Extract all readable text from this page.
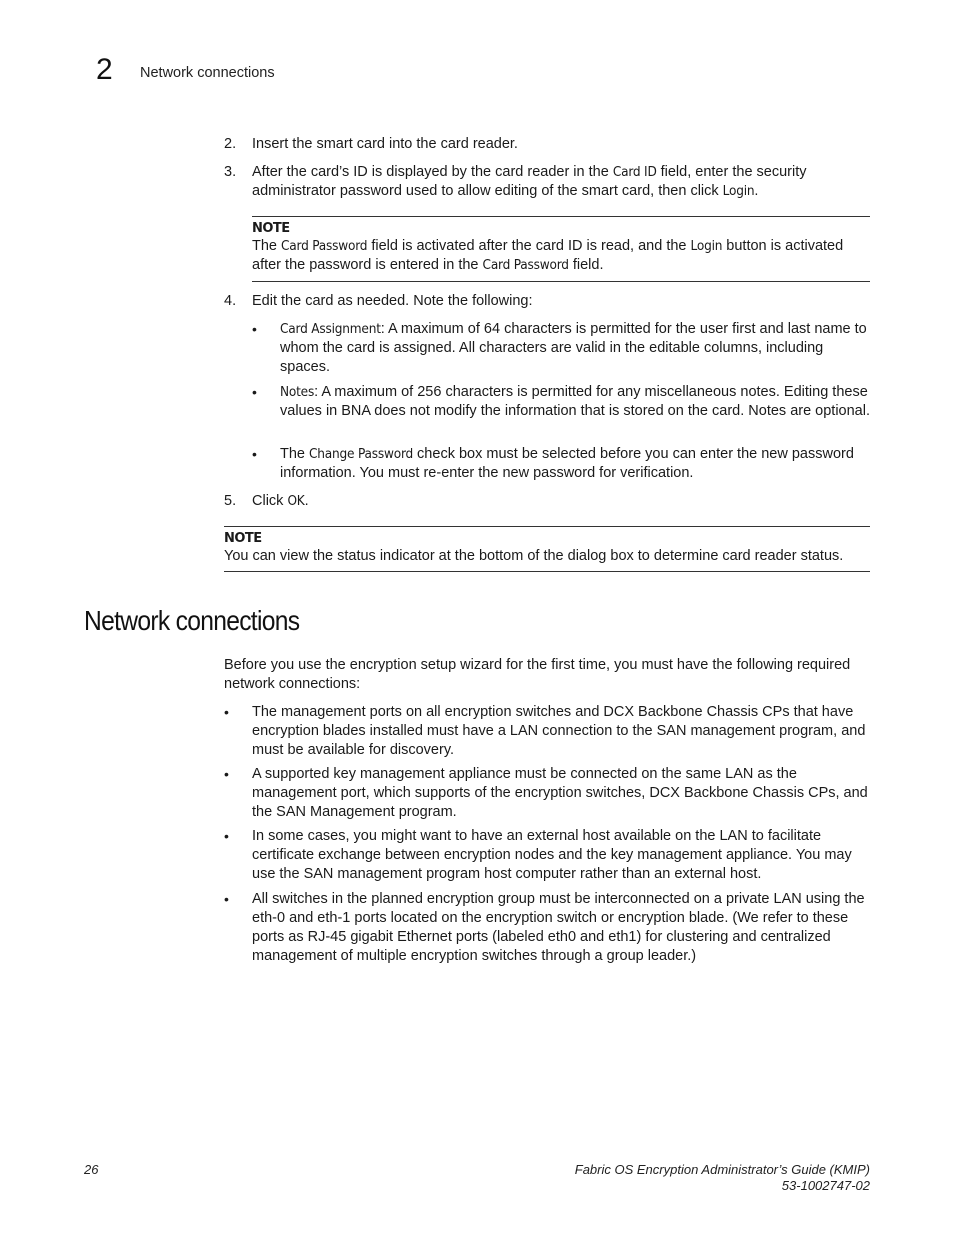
2 Network connections
2. Insert the smart card into the card reader.
3. After the card’s ID is displayed by the card reader in the Card ID field, enter the security administrator password used to allow editing of the smart card, then click Login.
NOTE
The Card Password field is activated after the card ID is read, and the Login button is activated after the password is entered in the Card Password field.
4. Edit the card as needed. Note the following:
• Card Assignment: A maximum of 64 characters is permitted for the user first and last name to whom the card is assigned. All characters are valid in the editable columns, including spaces.
• Notes: A maximum of 256 characters is permitted for any miscellaneous notes. Editing these values in BNA does not modify the information that is stored on the card. Notes are optional.
• The Change Password check box must be selected before you can enter the new password information. You must re-enter the new password for verification.
5. Click OK.
NOTE
You can view the status indicator at the bottom of the dialog box to determine card reader status.
Network connections
Before you use the encryption setup wizard for the first time, you must have the following required network connections:
• The management ports on all encryption switches and DCX Backbone Chassis CPs that have encryption blades installed must have a LAN connection to the SAN management program, and must be available for discovery.
• A supported key management appliance must be connected on the same LAN as the management port, which supports of the encryption switches, DCX Backbone Chassis CPs, and the SAN Management program.
• In some cases, you might want to have an external host available on the LAN to facilitate certificate exchange between encryption nodes and the key management appliance. You may use the SAN management program host computer rather than an external host.
• All switches in the planned encryption group must be interconnected on a private LAN using the eth-0 and eth-1 ports located on the encryption switch or encryption blade. (We refer to these ports as RJ-45 gigabit Ethernet ports (labeled eth0 and eth1) for clustering and centralized management of multiple encryption switches through a group leader.)
26	Fabric OS Encryption Administrator’s Guide (KMIP)
53-1002747-02
